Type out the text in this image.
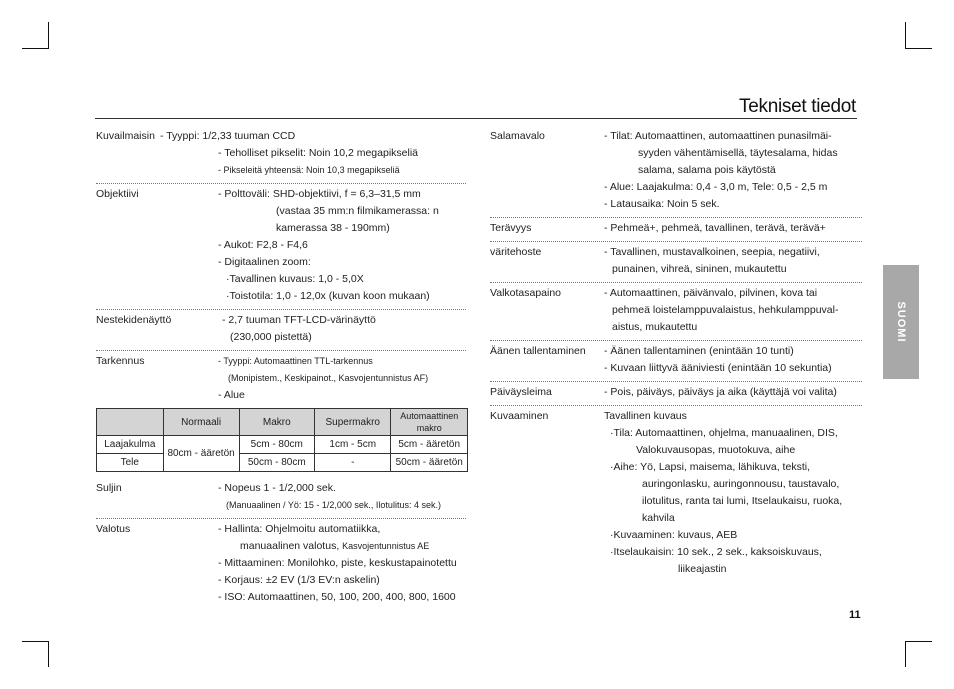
Tekniset tiedot
SUOMI
11
Kuvailmaisin - Tyyppi: 1/2,33 tuuman CCD
- Teholliset pikselit: Noin 10,2 megapikseliä
- Pikseleitä yhteensä: Noin 10,3 megapikseliä
Objektiivi	- Polttoväli: SHD-objektiivi, f = 6,3–31,5 mm
(vastaa 35 mm:n filmikamerassa: n
kamerassa 38 - 190mm)
- Aukot: F2,8 - F4,6
- Digitaalinen zoom:
·Tavallinen kuvaus: 1,0 - 5,0X
·Toistotila: 1,0 - 12,0x (kuvan koon mukaan)
Nestekidenäyttö	- 2,7 tuuman TFT-LCD-värinäyttö
(230,000 pistettä)
Tarkennus	- Tyyppi: Automaattinen TTL-tarkennus
(Monipistem., Keskipainot., Kasvojentunnistus AF)
- Alue
	Normaali	Makro	Supermakro	Automaattinen makro
Laajakulma	80cm - ääretön	5cm - 80cm	1cm - 5cm	5cm - ääretön
Tele		50cm - 80cm	-	50cm - ääretön
Suljin	- Nopeus 1 - 1/2,000 sek.
(Manuaalinen / Yö: 15 - 1/2,000 sek., Ilotulitus: 4 sek.)
Valotus	- Hallinta: Ohjelmoitu automatiikka,
manuaalinen valotus, Kasvojentunnistus AE
- Mittaaminen: Monilohko, piste, keskustapainotettu
- Korjaus: ±2 EV (1/3 EV:n askelin)
- ISO: Automaattinen, 50, 100, 200, 400, 800, 1600
Salamavalo	- Tilat: Automaattinen, automaattinen punasilmäi-
syyden vähentämisellä, täytesalama, hidas
salama, salama pois käytöstä
- Alue: Laajakulma: 0,4 - 3,0 m, Tele: 0,5 - 2,5 m
- Latausaika: Noin 5 sek.
Terävyys	- Pehmeä+, pehmeä, tavallinen, terävä, terävä+
väritehoste	- Tavallinen, mustavalkoinen, seepia, negatiivi,
punainen, vihreä, sininen, mukautettu
Valkotasapaino	- Automaattinen, päivänvalo, pilvinen, kova tai
pehmeä loistelamppuvalaistus, hehkulamppuval-
aistus, mukautettu
Äänen tallentaminen - Äänen tallentaminen (enintään 10 tunti)
- Kuvaan liittyvä ääniviesti (enintään 10 sekuntia)
Päiväysleima	- Pois, päiväys, päiväys ja aika (käyttäjä voi valita)
Kuvaaminen	Tavallinen kuvaus
·Tila: Automaattinen, ohjelma, manuaalinen, DIS,
Valokuvausopas, muotokuva, aihe
·Aihe: Yö, Lapsi, maisema, lähikuva, teksti,
auringonlasku, auringonnousu, taustavalo,
ilotulitus, ranta tai lumi, Itselaukaisu, ruoka,
kahvila
·Kuvaaminen: kuvaus, AEB
·Itselaukaisin: 10 sek., 2 sek., kaksoiskuvaus,
liikeajastin
